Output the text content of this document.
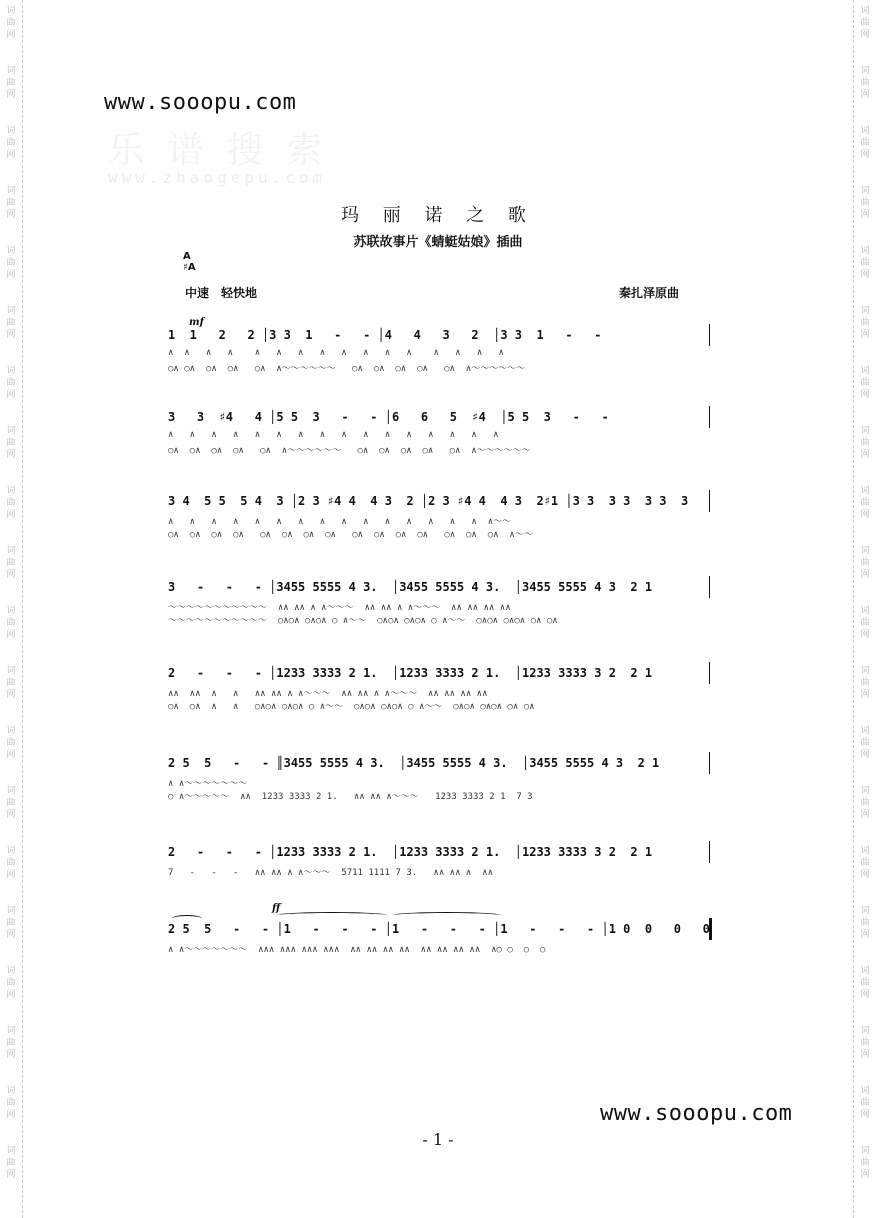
词
曲
网
词
曲
网
词
曲
网
词
曲
网
词
曲
网
词
曲
网
词
曲
网
词
曲
网
词
曲
网
词
曲
网
词
曲
网
词
曲
网
词
曲
网
词
曲
网
词
曲
网
词
曲
网
词
曲
网
词
曲
网
词
曲
网
词
曲
网
词
曲
网
词
曲
网
词
曲
网
词
曲
网
词
曲
网
词
曲
网
词
曲
网
词
曲
网
词
曲
网
词
曲
网
词
曲
网
词
曲
网
词
曲
网
词
曲
网
词
曲
网
词
曲
网
词
曲
网
词
曲
网
词
曲
网
词
曲
网
乐 谱 搜 索
www.zhaogepu.com
www.sooopu.com
玛 丽 诺 之 歌
苏联故事片《蜻蜓姑娘》插曲
A
♯A
中速　轻快地	秦扎泽原曲
mf
ff
1  1   2   2 │3 3  1   -   - │4   4   3   2  │3 3  1   -   -
∧  ∧   ∧   ∧    ∧   ∧   ∧   ∧   ∧   ∧   ∧   ∧    ∧   ∧   ∧   ∧
○∧ ○∧  ○∧  ○∧   ○∧  ∧～～～～～～   ○∧  ○∧  ○∧  ○∧   ○∧  ∧～～～～～～
3   3  ♯4   4 │5 5  3   -   - │6   6   5  ♯4  │5 5  3   -   -
∧   ∧   ∧   ∧   ∧   ∧   ∧   ∧   ∧   ∧   ∧   ∧   ∧   ∧   ∧   ∧
○∧  ○∧  ○∧  ○∧   ○∧  ∧～～～～～～   ○∧  ○∧  ○∧  ○∧   ○∧  ∧～～～～～～
3 4  5 5  5 4  3 │2 3 ♯4 4  4 3  2 │2 3 ♯4 4  4 3  2♯1 │3 3  3 3  3 3  3
∧   ∧   ∧   ∧   ∧   ∧   ∧   ∧   ∧   ∧   ∧   ∧   ∧   ∧   ∧  ∧～～
○∧  ○∧  ○∧  ○∧   ○∧  ○∧  ○∧  ○∧   ○∧  ○∧  ○∧  ○∧   ○∧  ○∧  ○∧  ∧～～
3   -   -   - │3455 5555 4 3.  │3455 5555 4 3.  │3455 5555 4 3  2 1
～～～～～～～～～～～  ∧∧ ∧∧ ∧ ∧～～～  ∧∧ ∧∧ ∧ ∧～～～  ∧∧ ∧∧ ∧∧ ∧∧
～～～～～～～～～～～  ○∧○∧ ○∧○∧ ○ ∧～～  ○∧○∧ ○∧○∧ ○ ∧～～  ○∧○∧ ○∧○∧ ○∧ ○∧
2   -   -   - │1233 3333 2 1.  │1233 3333 2 1.  │1233 3333 3 2  2 1
∧∧  ∧∧  ∧   ∧   ∧∧ ∧∧ ∧ ∧～～～  ∧∧ ∧∧ ∧ ∧～～～  ∧∧ ∧∧ ∧∧ ∧∧
○∧  ○∧  ∧   ∧   ○∧○∧ ○∧○∧ ○ ∧～～  ○∧○∧ ○∧○∧ ○ ∧～～  ○∧○∧ ○∧○∧ ○∧ ○∧
2 5  5   -   - ║3455 5555 4 3.  │3455 5555 4 3.  │3455 5555 4 3  2 1
∧ ∧～～～～～～～
○ ∧～～～～～  ∧∧  1233 3333 2 1.   ∧∧ ∧∧ ∧～～～   1233 3333 2 1  7 3
2   -   -   - │1233 3333 2 1.  │1233 3333 2 1.  │1233 3333 3 2  2 1
7   -   -   -   ∧∧ ∧∧ ∧ ∧～～～  5711 1111 7 3.   ∧∧ ∧∧ ∧  ∧∧
2 5  5   -   - │1   -   -   - │1   -   -   - │1   -   -   - │1 0  0   0   0
∧ ∧～～～～～～～  ∧∧∧ ∧∧∧ ∧∧∧ ∧∧∧  ∧∧ ∧∧ ∧∧ ∧∧  ∧∧ ∧∧ ∧∧ ∧∧  ∧○ ○  ○  ○
www.sooopu.com
- 1 -
